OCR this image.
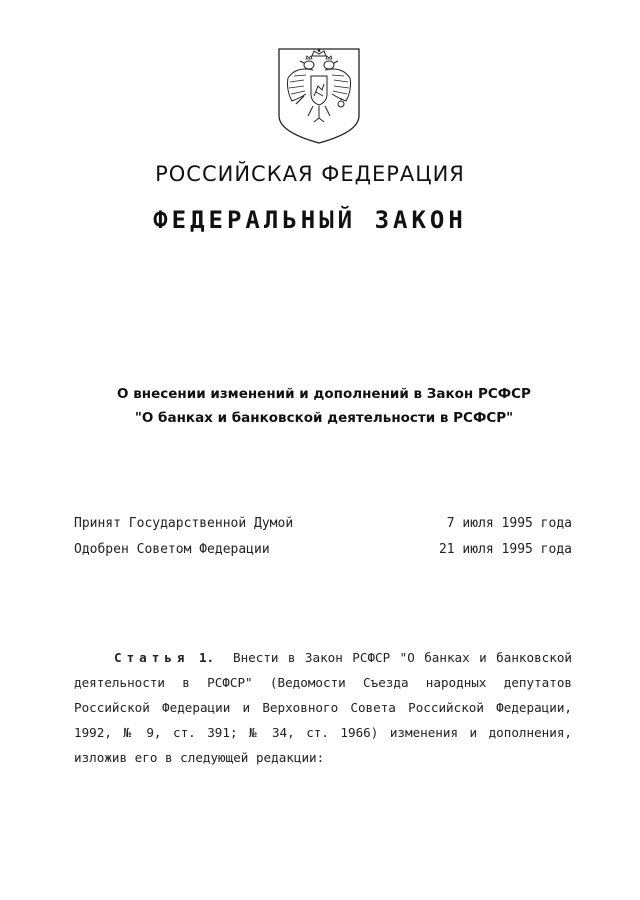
РОССИЙСКАЯ ФЕДЕРАЦИЯ
ФЕДЕРАЛЬНЫЙ ЗАКОН
О внесении изменений и дополнений в Закон РСФСР
"О банках и банковской деятельности в РСФСР"
Принят Государственной Думой	7 июля 1995 года
Одобрен Советом Федерации	21 июля 1995 года
Статья 1. Внести в Закон РСФСР "О банках и банковской деятельности в РСФСР" (Ведомости Съезда народных депутатов Российской Федерации и Верховного Совета Российской Федерации, 1992, № 9, ст. 391; № 34, ст. 1966) изменения и дополнения, изложив его в следующей редакции:
